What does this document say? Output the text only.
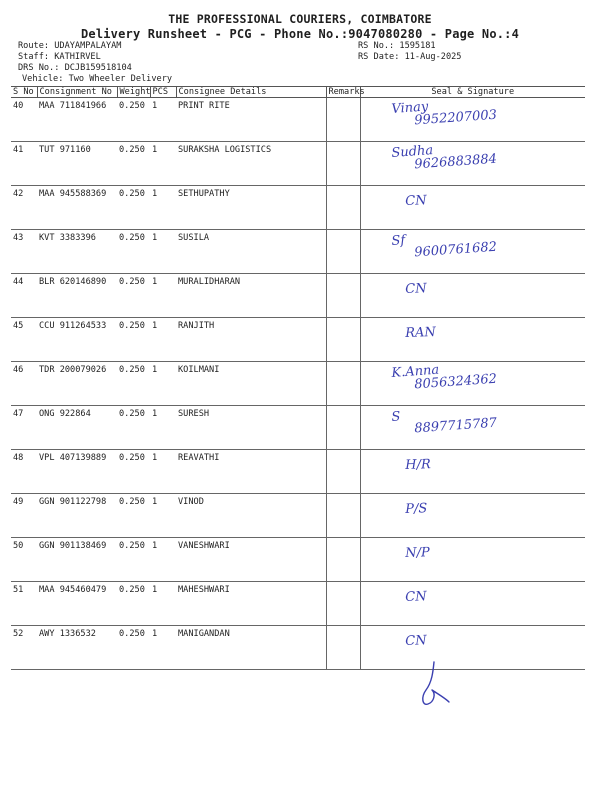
THE PROFESSIONAL COURIERS, COIMBATORE
Delivery Runsheet - PCG - Phone No.:9047080280 - Page No.:4
Route: UDAYAMPALAYAM
Staff: KATHIRVEL
DRS No.: DCJB159518104
Vehicle: Two Wheeler Delivery
RS No.: 1595181
RS Date: 11-Aug-2025
S No	Consignment No	Weight	PCS	Consignee Details	Remarks	Seal & Signature
40	MAA 711841966	0.250	1	PRINT RITE		Vinay
9952207003

41	TUT 971160	0.250	1	SURAKSHA LOGISTICS		Sudha
9626883884

42	MAA 945588369	0.250	1	SETHUPATHY		CN

43	KVT 3383396	0.250	1	SUSILA		Sf 9600761682

44	BLR 620146890	0.250	1	MURALIDHARAN		CN

45	CCU 911264533	0.250	1	RANJITH		RAN

46	TDR 200079026	0.250	1	KOILMANI		K.Anna
8056324362

47	ONG 922864	0.250	1	SURESH		S 8897715787

48	VPL 407139889	0.250	1	REAVATHI		H/R

49	GGN 901122798	0.250	1	VINOD		P/S

50	GGN 901138469	0.250	1	VANESHWARI		N/P

51	MAA 945460479	0.250	1	MAHESHWARI		CN

52	AWY 1336532	0.250	1	MANIGANDAN		CN
